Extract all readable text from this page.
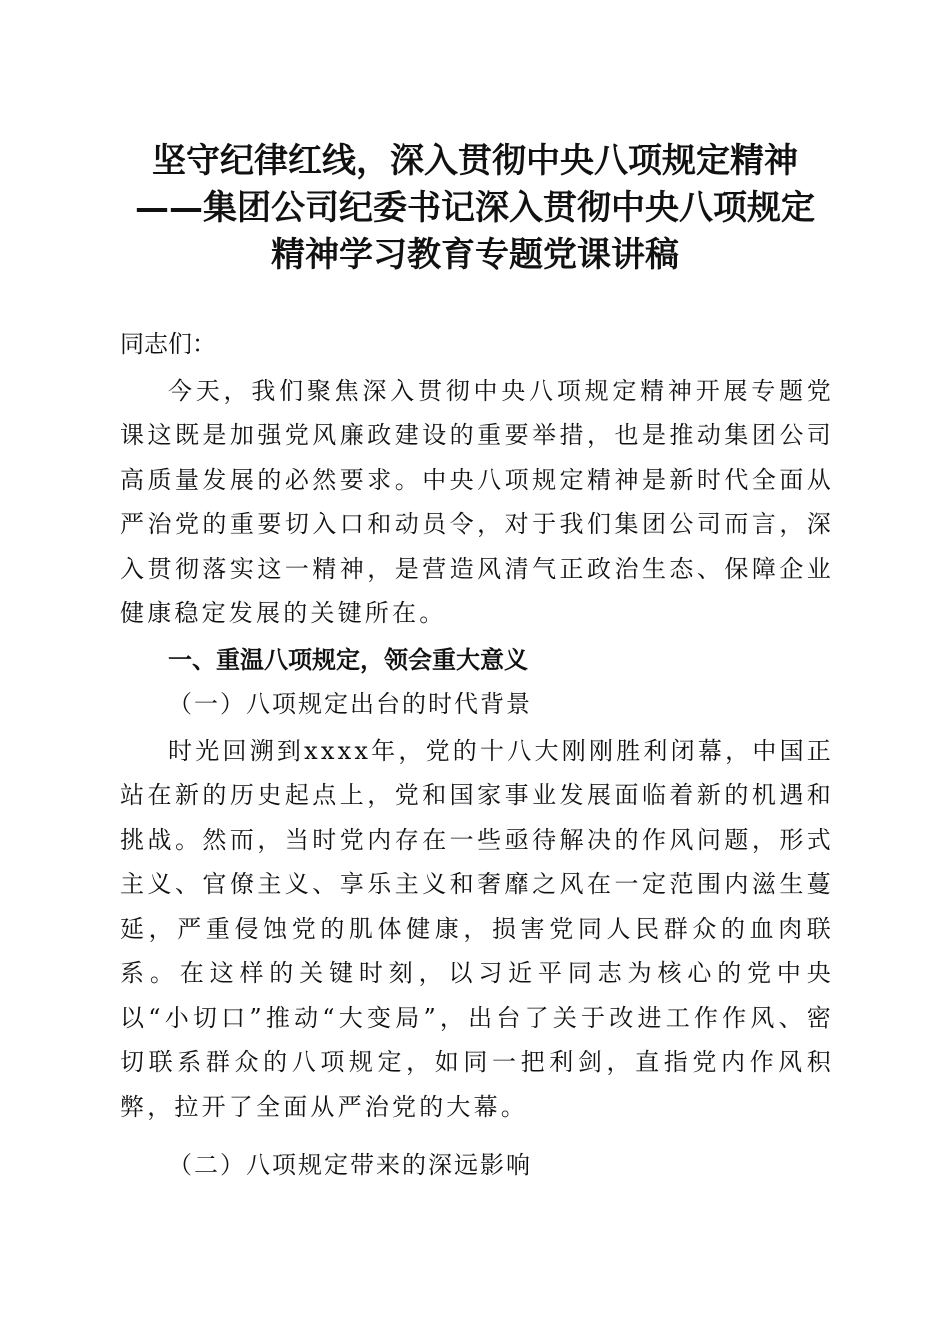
坚守纪律红线，深入贯彻中央八项规定精神
——集团公司纪委书记深入贯彻中央八项规定
精神学习教育专题党课讲稿

同志们：

今天，我们聚焦深入贯彻中央八项规定精神开展专题党课这既是加强党风廉政建设的重要举措，也是推动集团公司高质量发展的必然要求。中央八项规定精神是新时代全面从严治党的重要切入口和动员令，对于我们集团公司而言，深入贯彻落实这一精神，是营造风清气正政治生态、保障企业健康稳定发展的关键所在。

一、重温八项规定，领会重大意义

（一）八项规定出台的时代背景

时光回溯到xxxx年，党的十八大刚刚胜利闭幕，中国正站在新的历史起点上，党和国家事业发展面临着新的机遇和挑战。然而，当时党内存在一些亟待解决的作风问题，形式主义、官僚主义、享乐主义和奢靡之风在一定范围内滋生蔓延，严重侵蚀党的肌体健康，损害党同人民群众的血肉联系。在这样的关键时刻，以习近平同志为核心的党中央以“小切口”推动“大变局”，出台了关于改进工作作风、密切联系群众的八项规定，如同一把利剑，直指党内作风积弊，拉开了全面从严治党的大幕。

（二）八项规定带来的深远影响
